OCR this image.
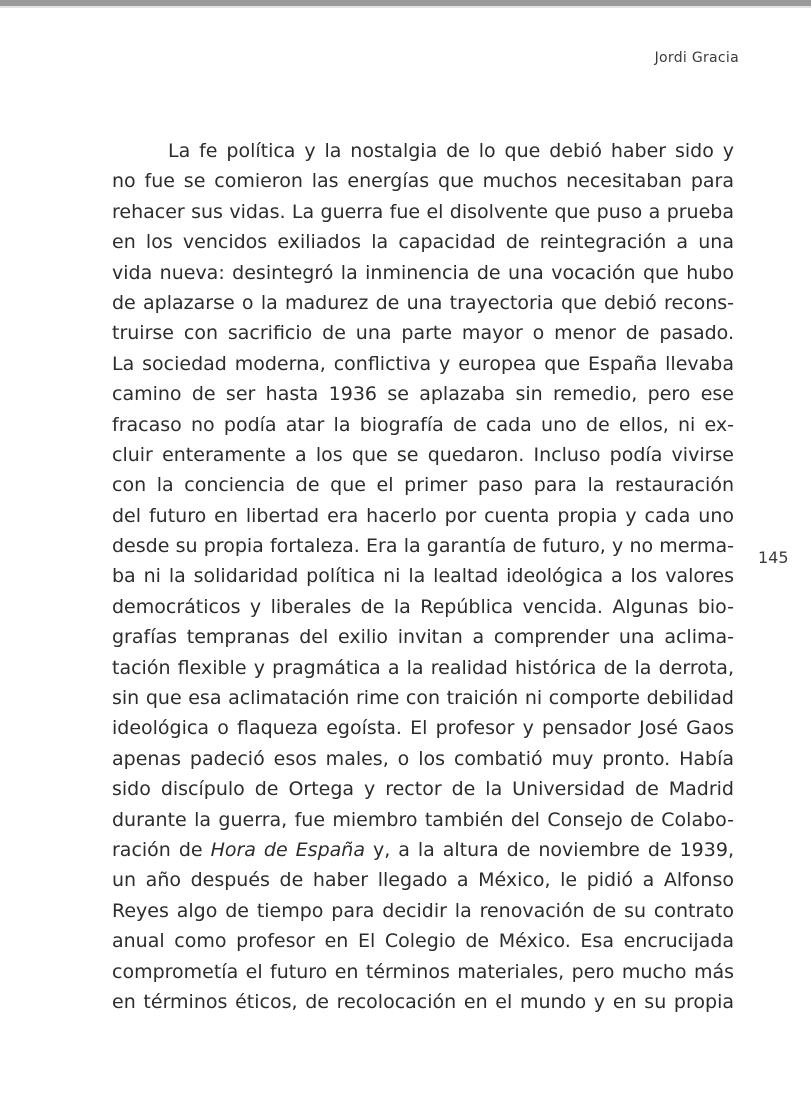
Jordi Gracia
La fe política y la nostalgia de lo que debió haber sido y
no fue se comieron las energías que muchos necesitaban para
rehacer sus vidas. La guerra fue el disolvente que puso a prueba
en los vencidos exiliados la capacidad de reintegración a una
vida nueva: desintegró la inminencia de una vocación que hubo
de aplazarse o la madurez de una trayectoria que debió recons-
truirse con sacrificio de una parte mayor o menor de pasado.
La sociedad moderna, conflictiva y europea que España llevaba
camino de ser hasta 1936 se aplazaba sin remedio, pero ese
fracaso no podía atar la biografía de cada uno de ellos, ni ex-
cluir enteramente a los que se quedaron. Incluso podía vivirse
con la conciencia de que el primer paso para la restauración
del futuro en libertad era hacerlo por cuenta propia y cada uno
desde su propia fortaleza. Era la garantía de futuro, y no merma-
ba ni la solidaridad política ni la lealtad ideológica a los valores
democráticos y liberales de la República vencida. Algunas bio-
grafías tempranas del exilio invitan a comprender una aclima-
tación flexible y pragmática a la realidad histórica de la derrota,
sin que esa aclimatación rime con traición ni comporte debilidad
ideológica o flaqueza egoísta. El profesor y pensador José Gaos
apenas padeció esos males, o los combatió muy pronto. Había
sido discípulo de Ortega y rector de la Universidad de Madrid
durante la guerra, fue miembro también del Consejo de Colabo-
ración de Hora de España y, a la altura de noviembre de 1939,
un año después de haber llegado a México, le pidió a Alfonso
Reyes algo de tiempo para decidir la renovación de su contrato
anual como profesor en El Colegio de México. Esa encrucijada
comprometía el futuro en términos materiales, pero mucho más
en términos éticos, de recolocación en el mundo y en su propia
145
